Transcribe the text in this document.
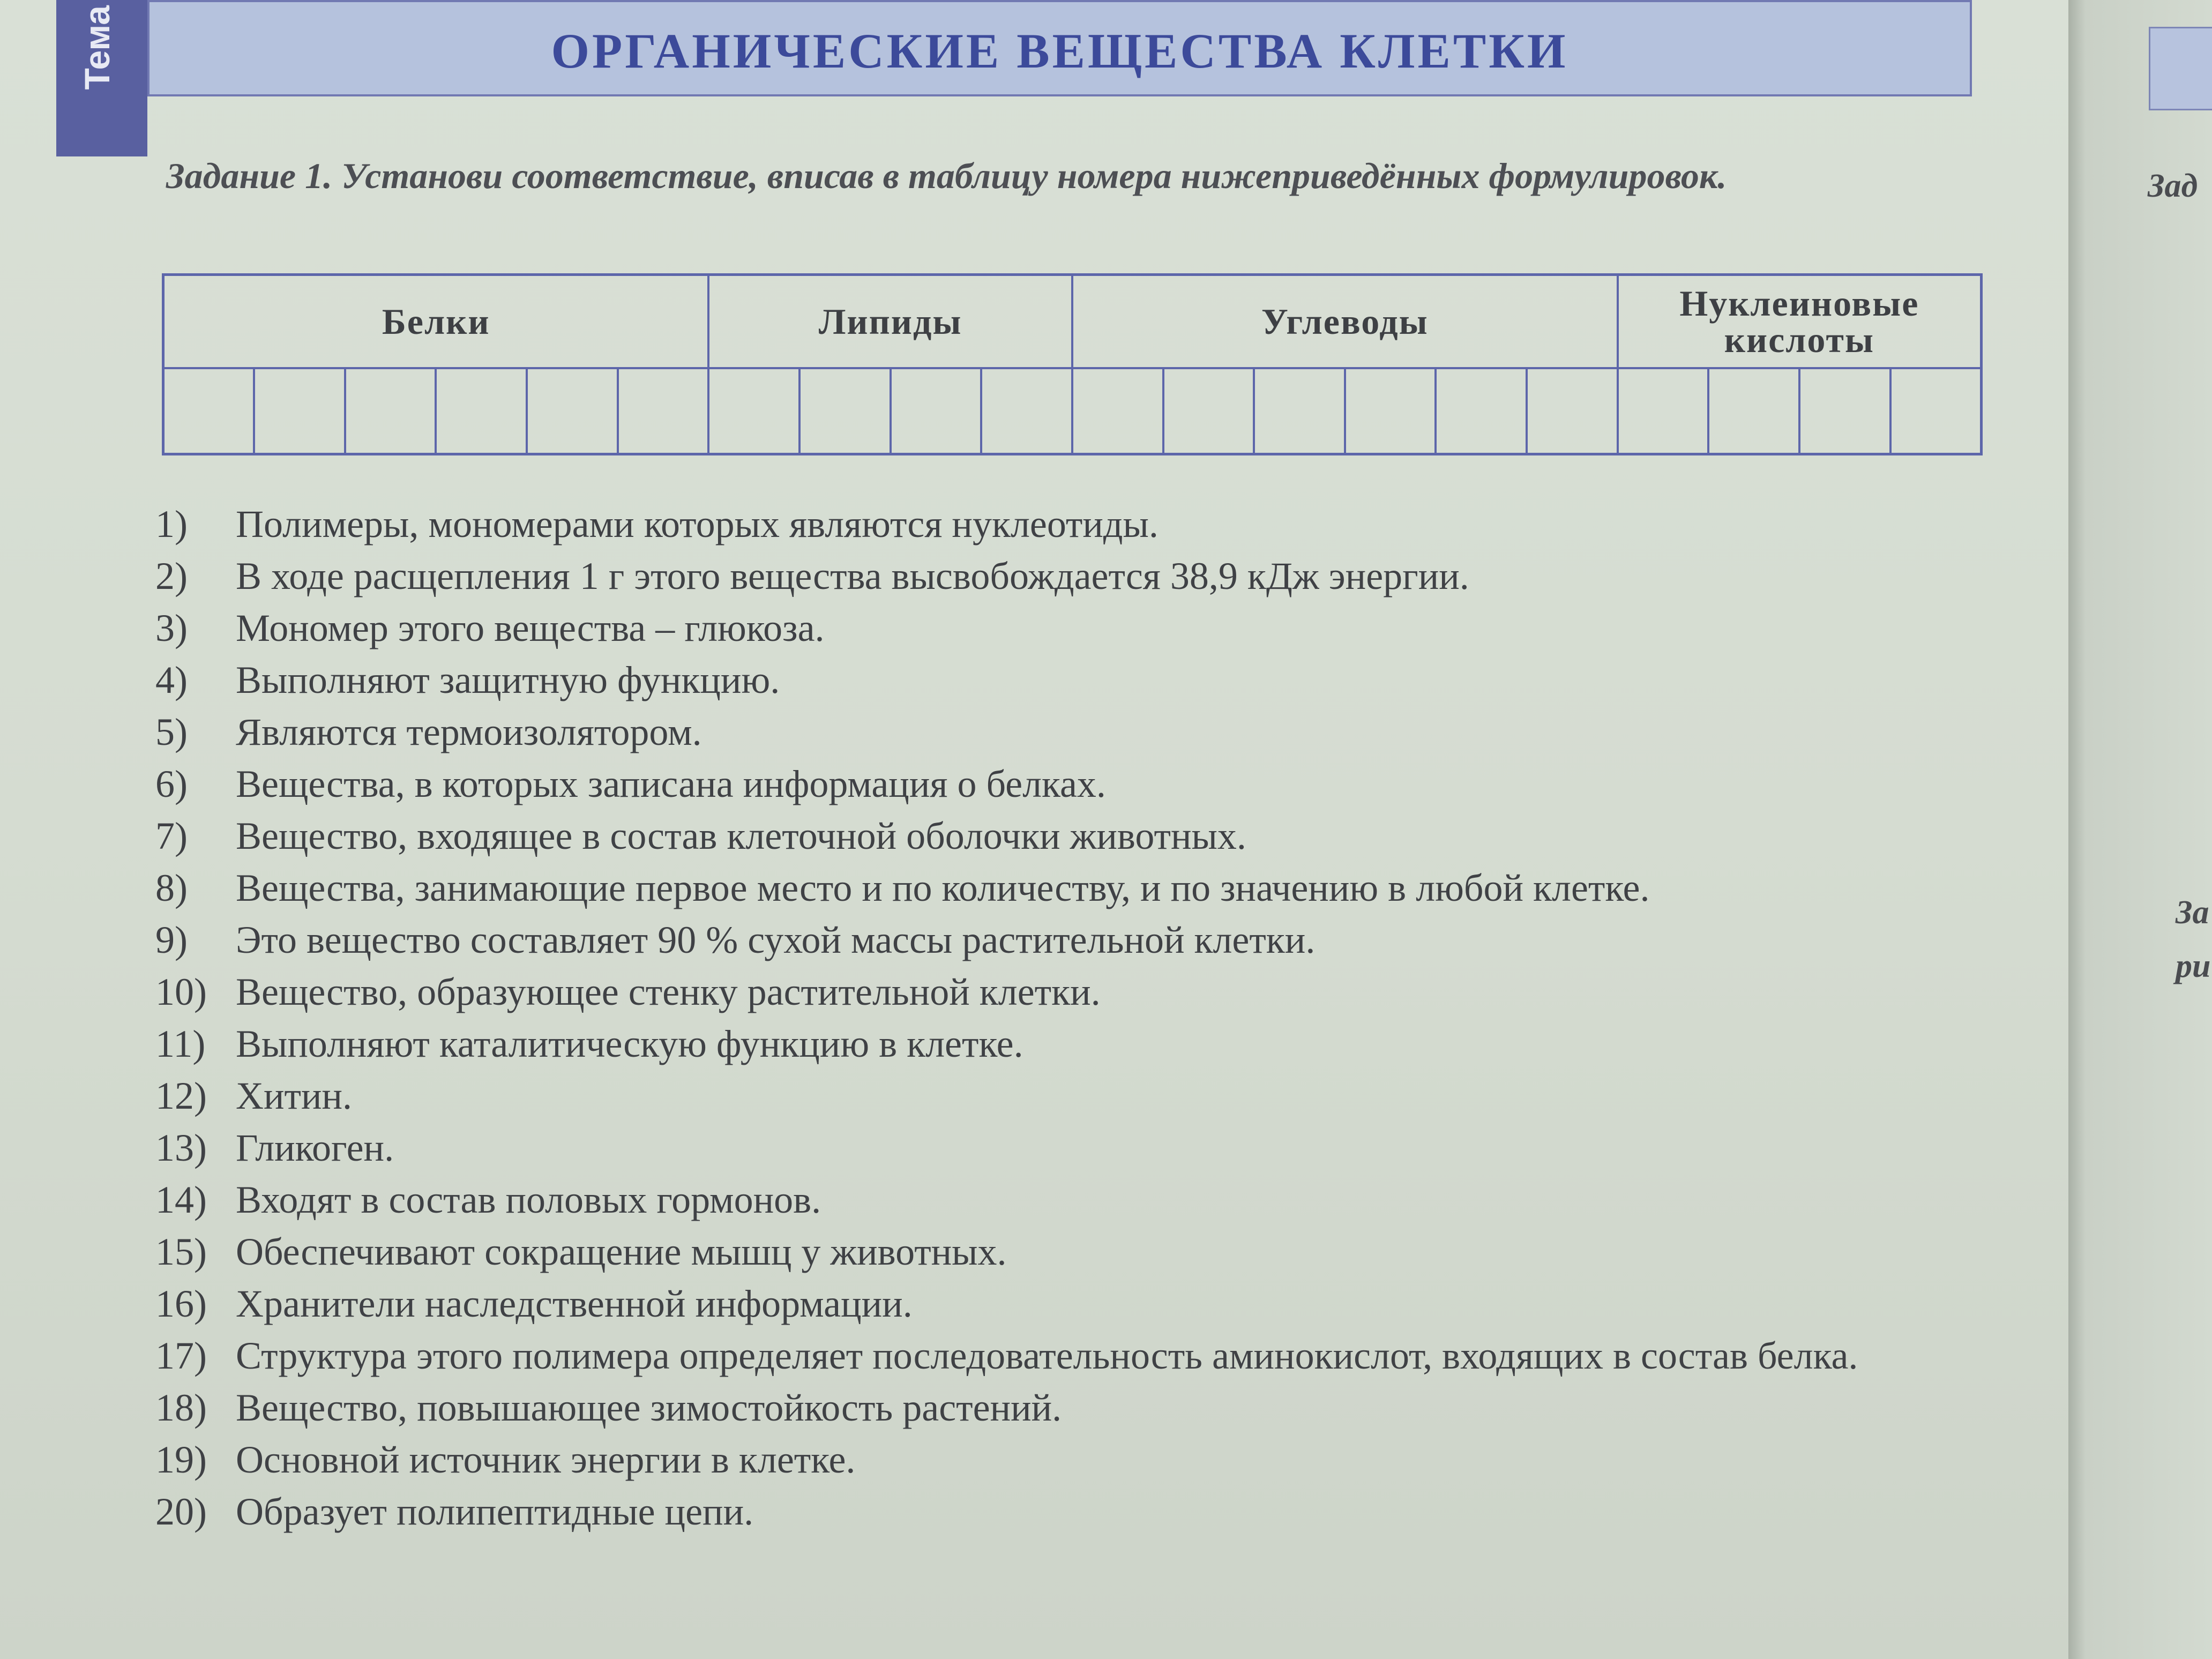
Зад
За
ри
Тема	ОРГАНИЧЕСКИЕ ВЕЩЕСТВА КЛЕТКИ
Задание 1. Установи соответствие, вписав в таблицу номера нижеприведённых формулировок.
Белки						Липиды				Углеводы						Нуклеиновые кислоты			

1)	Полимеры, мономерами которых являются нуклеотиды.
2)	В ходе расщепления 1 г этого вещества высвобождается 38,9 кДж энергии.
3)	Мономер этого вещества – глюкоза.
4)	Выполняют защитную функцию.
5)	Являются термоизолятором.
6)	Вещества, в которых записана информация о белках.
7)	Вещество, входящее в состав клеточной оболочки животных.
8)	Вещества, занимающие первое место и по количеству, и по значению в любой клетке.
9)	Это вещество составляет 90 % сухой массы растительной клетки.
10) Вещество, образующее стенку растительной клетки.
11) Выполняют каталитическую функцию в клетке.
12) Хитин.
13) Гликоген.
14) Входят в состав половых гормонов.
15) Обеспечивают сокращение мышц у животных.
16) Хранители наследственной информации.
17) Структура этого полимера определяет последовательность аминокислот, входящих в состав белка.
18) Вещество, повышающее зимостойкость растений.
19) Основной источник энергии в клетке.
20) Образует полипептидные цепи.
